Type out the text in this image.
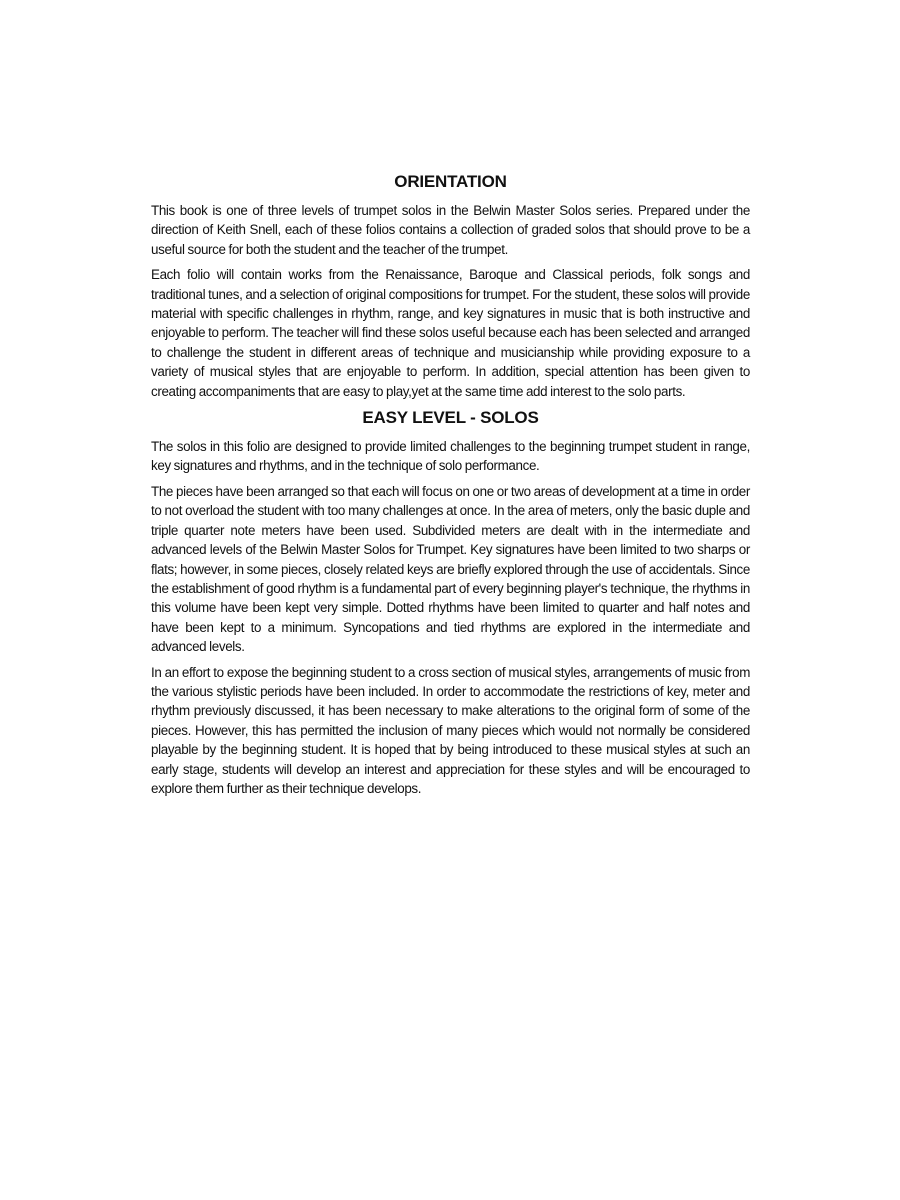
ORIENTATION

This book is one of three levels of trumpet solos in the Belwin Master Solos series. Prepared under the direction of Keith Snell, each of these folios contains a collection of graded solos that should prove to be a useful source for both the student and the teacher of the trumpet.

Each folio will contain works from the Renaissance, Baroque and Classical periods, folk songs and traditional tunes, and a selection of original compositions for trumpet. For the student, these solos will provide material with specific challenges in rhythm, range, and key signatures in music that is both instructive and enjoyable to perform. The teacher will find these solos useful because each has been selected and arranged to challenge the student in different areas of technique and musicianship while providing exposure to a variety of musical styles that are enjoyable to perform. In addition, special attention has been given to creating accompaniments that are easy to play,yet at the same time add interest to the solo parts.

EASY LEVEL - SOLOS

The solos in this folio are designed to provide limited challenges to the beginning trumpet student in range, key signatures and rhythms, and in the technique of solo performance.

The pieces have been arranged so that each will focus on one or two areas of development at a time in order to not overload the student with too many challenges at once. In the area of meters, only the basic duple and triple quarter note meters have been used. Subdivided meters are dealt with in the intermediate and advanced levels of the Belwin Master Solos for Trumpet. Key signatures have been limited to two sharps or flats; however, in some pieces, closely related keys are briefly explored through the use of accidentals. Since the establishment of good rhythm is a fundamental part of every beginning player's technique, the rhythms in this volume have been kept very simple. Dotted rhythms have been limited to quarter and half notes and have been kept to a minimum. Syncopations and tied rhythms are explored in the intermediate and advanced levels.

In an effort to expose the beginning student to a cross section of musical styles, arrangements of music from the various stylistic periods have been included. In order to accommodate the restrictions of key, meter and rhythm previously discussed, it has been necessary to make alterations to the original form of some of the pieces. However, this has permitted the inclusion of many pieces which would not normally be considered playable by the beginning student. It is hoped that by being introduced to these musical styles at such an early stage, students will develop an interest and appreciation for these styles and will be encouraged to explore them further as their technique develops.
